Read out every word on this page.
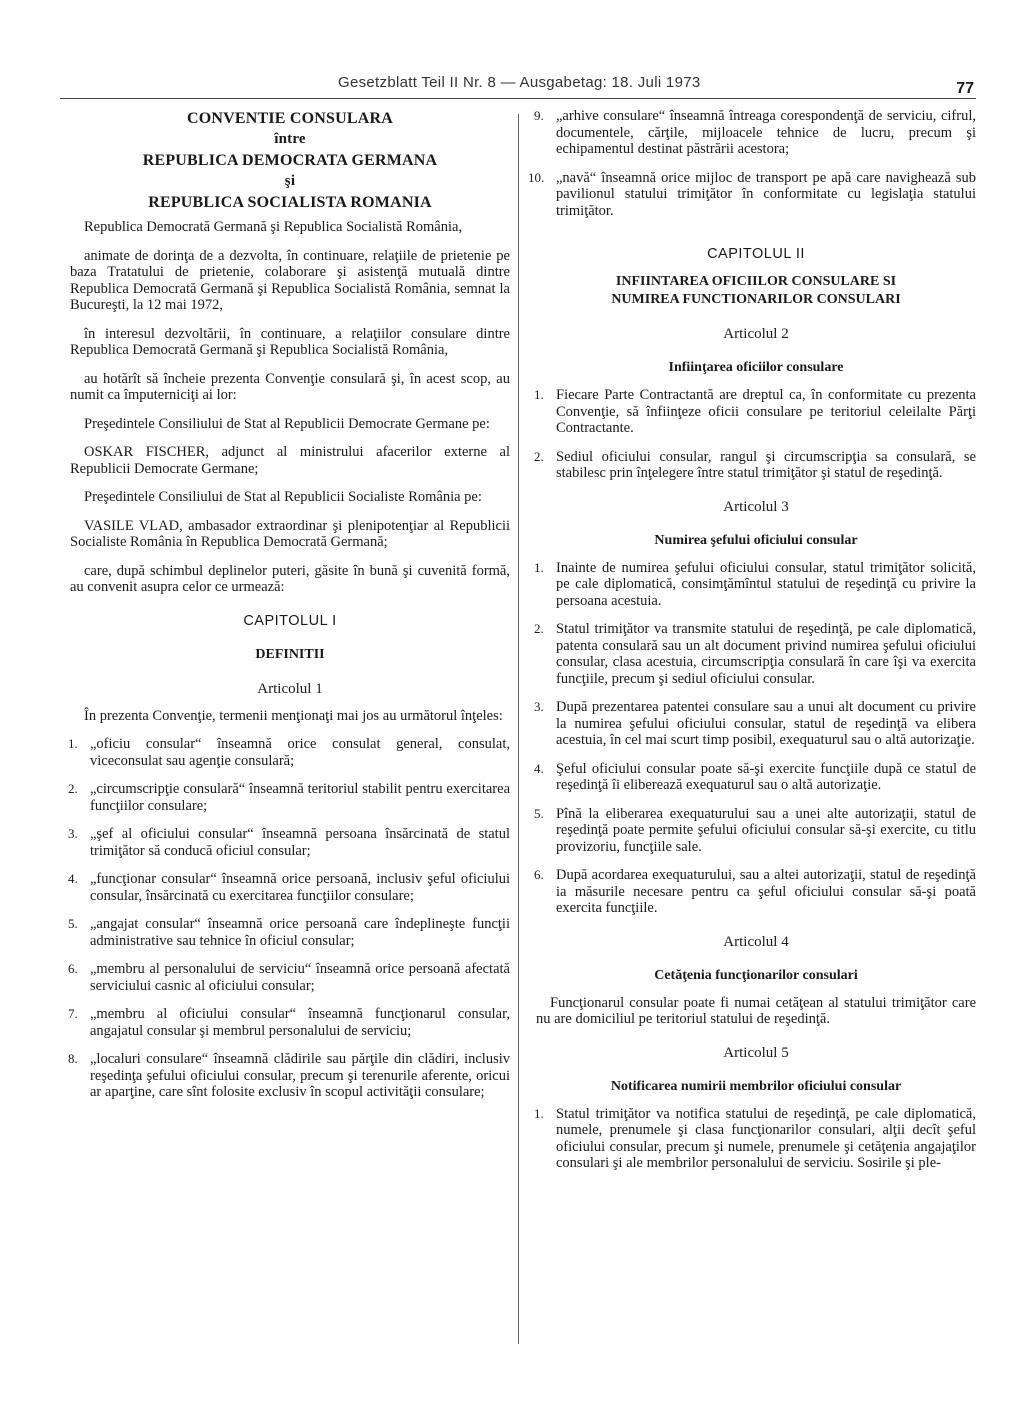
Gesetzblatt Teil II Nr. 8 — Ausgabetag: 18. Juli 1973	77
CONVENTIE CONSULARA
între
REPUBLICA DEMOCRATA GERMANA
şi
REPUBLICA SOCIALISTA ROMANIA

Republica Democrată Germană şi Republica Socialistă România,

animate de dorinţa de a dezvolta, în continuare, relaţiile de prietenie pe baza Tratatului de prietenie, colaborare şi asistenţă mutuală dintre Republica Democrată Germană şi Republica Socialistă România, semnat la Bucureşti, la 12 mai 1972,

în interesul dezvoltării, în continuare, a relaţiilor consulare dintre Republica Democrată Germană şi Republica Socialistă România,

au hotărît să încheie prezenta Convenţie consulară şi, în acest scop, au numit ca împuterniciţi ai lor:

Preşedintele Consiliului de Stat al Republicii Democrate Germane pe:

OSKAR FISCHER, adjunct al ministrului afacerilor externe al Republicii Democrate Germane;

Preşedintele Consiliului de Stat al Republicii Socialiste România pe:

VASILE VLAD, ambasador extraordinar şi plenipotenţiar al Republicii Socialiste România în Republica Democrată Germană;

care, după schimbul deplinelor puteri, găsite în bună şi cuvenită formă, au convenit asupra celor ce urmează:

CAPITOLUL I
DEFINITII
Articolul 1

În prezenta Convenţie, termenii menţionaţi mai jos au următorul înţeles:

1. „oficiu consular“ înseamnă orice consulat general, consulat, viceconsulat sau agenţie consulară;
2. „circumscripţie consulară“ înseamnă teritoriul stabilit pentru exercitarea funcţiilor consulare;
3. „şef al oficiului consular“ înseamnă persoana însărcinată de statul trimiţător să conducă oficiul consular;
4. „funcţionar consular“ înseamnă orice persoană, inclusiv şeful oficiului consular, însărcinată cu exercitarea funcţiilor consulare;
5. „angajat consular“ înseamnă orice persoană care îndeplineşte funcţii administrative sau tehnice în oficiul consular;
6. „membru al personalului de serviciu“ înseamnă orice persoană afectată serviciului casnic al oficiului consular;
7. „membru al oficiului consular“ înseamnă funcţionarul consular, angajatul consular şi membrul personalului de serviciu;
8. „localuri consulare“ înseamnă clădirile sau părţile din clădiri, inclusiv reşedinţa şefului oficiului consular, precum şi terenurile aferente, oricui ar aparţine, care sînt folosite exclusiv în scopul activităţii consulare;
9. „arhive consulare“ înseamnă întreaga corespondenţă de serviciu, cifrul, documentele, cărţile, mijloacele tehnice de lucru, precum şi echipamentul destinat păstrării acestora;
10. „navă“ înseamnă orice mijloc de transport pe apă care navighează sub pavilionul statului trimiţător în conformitate cu legislaţia statului trimiţător.
CAPITOLUL II
INFIINTAREA OFICIILOR CONSULARE SI
NUMIREA FUNCTIONARILOR CONSULARI
Articolul 2
Infiinţarea oficiilor consulare
1. Fiecare Parte Contractantă are dreptul ca, în conformitate cu prezenta Convenţie, să înfiinţeze oficii consulare pe teritoriul celeilalte Părţi Contractante.
2. Sediul oficiului consular, rangul şi circumscripţia sa consulară, se stabilesc prin înţelegere între statul trimiţător şi statul de reşedinţă.
Articolul 3
Numirea şefului oficiului consular
1. Inainte de numirea şefului oficiului consular, statul trimiţător solicită, pe cale diplomatică, consimţămîntul statului de reşedinţă cu privire la persoana acestuia.
2. Statul trimiţător va transmite statului de reşedinţă, pe cale diplomatică, patenta consulară sau un alt document privind numirea şefului oficiului consular, clasa acestuia, circumscripţia consulară în care îşi va exercita funcţiile, precum şi sediul oficiului consular.
3. După prezentarea patentei consulare sau a unui alt document cu privire la numirea şefului oficiului consular, statul de reşedinţă va elibera acestuia, în cel mai scurt timp posibil, exequaturul sau o altă autorizaţie.
4. Şeful oficiului consular poate să-şi exercite funcţiile după ce statul de reşedinţă îi eliberează exequaturul sau o altă autorizaţie.
5. Pînă la eliberarea exequaturului sau a unei alte autorizaţii, statul de reşedinţă poate permite şefului oficiului consular să-şi exercite, cu titlu provizoriu, funcţiile sale.
6. După acordarea exequaturului, sau a altei autorizaţii, statul de reşedinţă ia măsurile necesare pentru ca şeful oficiului consular să-şi poată exercita funcţiile.
Articolul 4
Cetăţenia funcţionarilor consulari

Funcţionarul consular poate fi numai cetăţean al statului trimiţător care nu are domiciliul pe teritoriul statului de reşedinţă.

Articolul 5
Notificarea numirii membrilor oficiului consular
1. Statul trimiţător va notifica statului de reşedinţă, pe cale diplomatică, numele, prenumele şi clasa funcţionarilor consulari, alţii decît şeful oficiului consular, precum şi numele, prenumele şi cetăţenia angajaţilor consulari şi ale membrilor personalului de serviciu. Sosirile şi ple-
